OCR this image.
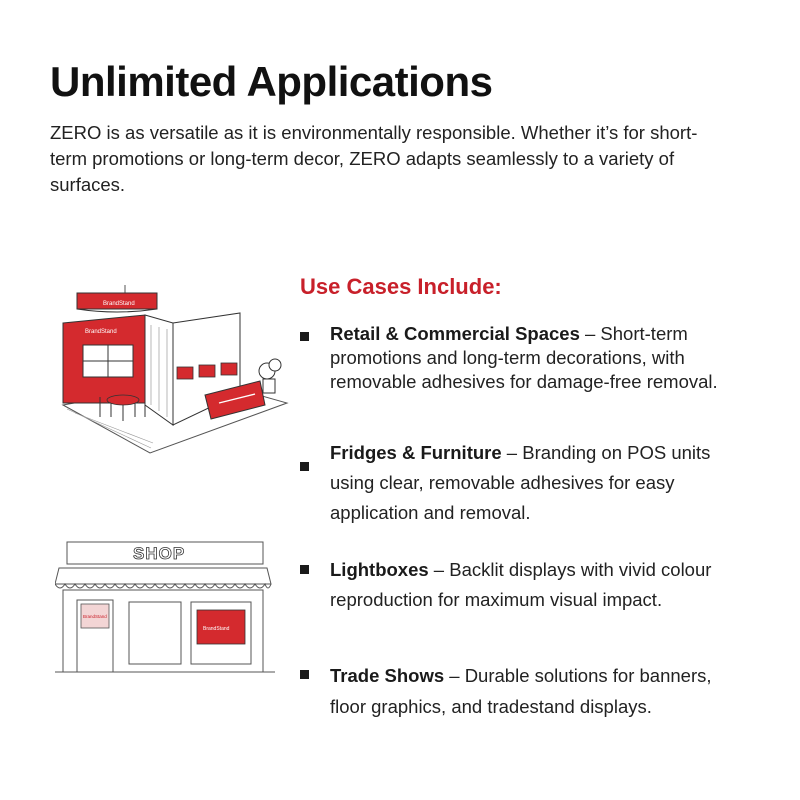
Unlimited Applications

ZERO is as versatile as it is environmentally responsible. Whether it’s for short-term promotions or long-term decor, ZERO adapts seamlessly to a variety of surfaces.

BrandStand
BrandStand
SHOP
BrandStand
BrandStand
Use Cases Include:
Retail & Commercial Spaces – Short-term promotions and long-term decorations, with removable adhesives for damage-free removal.
Fridges & Furniture – Branding on POS units using clear, removable adhesives for easy application and removal.
Lightboxes – Backlit displays with vivid colour reproduction for maximum visual impact.
Trade Shows – Durable solutions for banners, floor graphics, and tradestand displays.
